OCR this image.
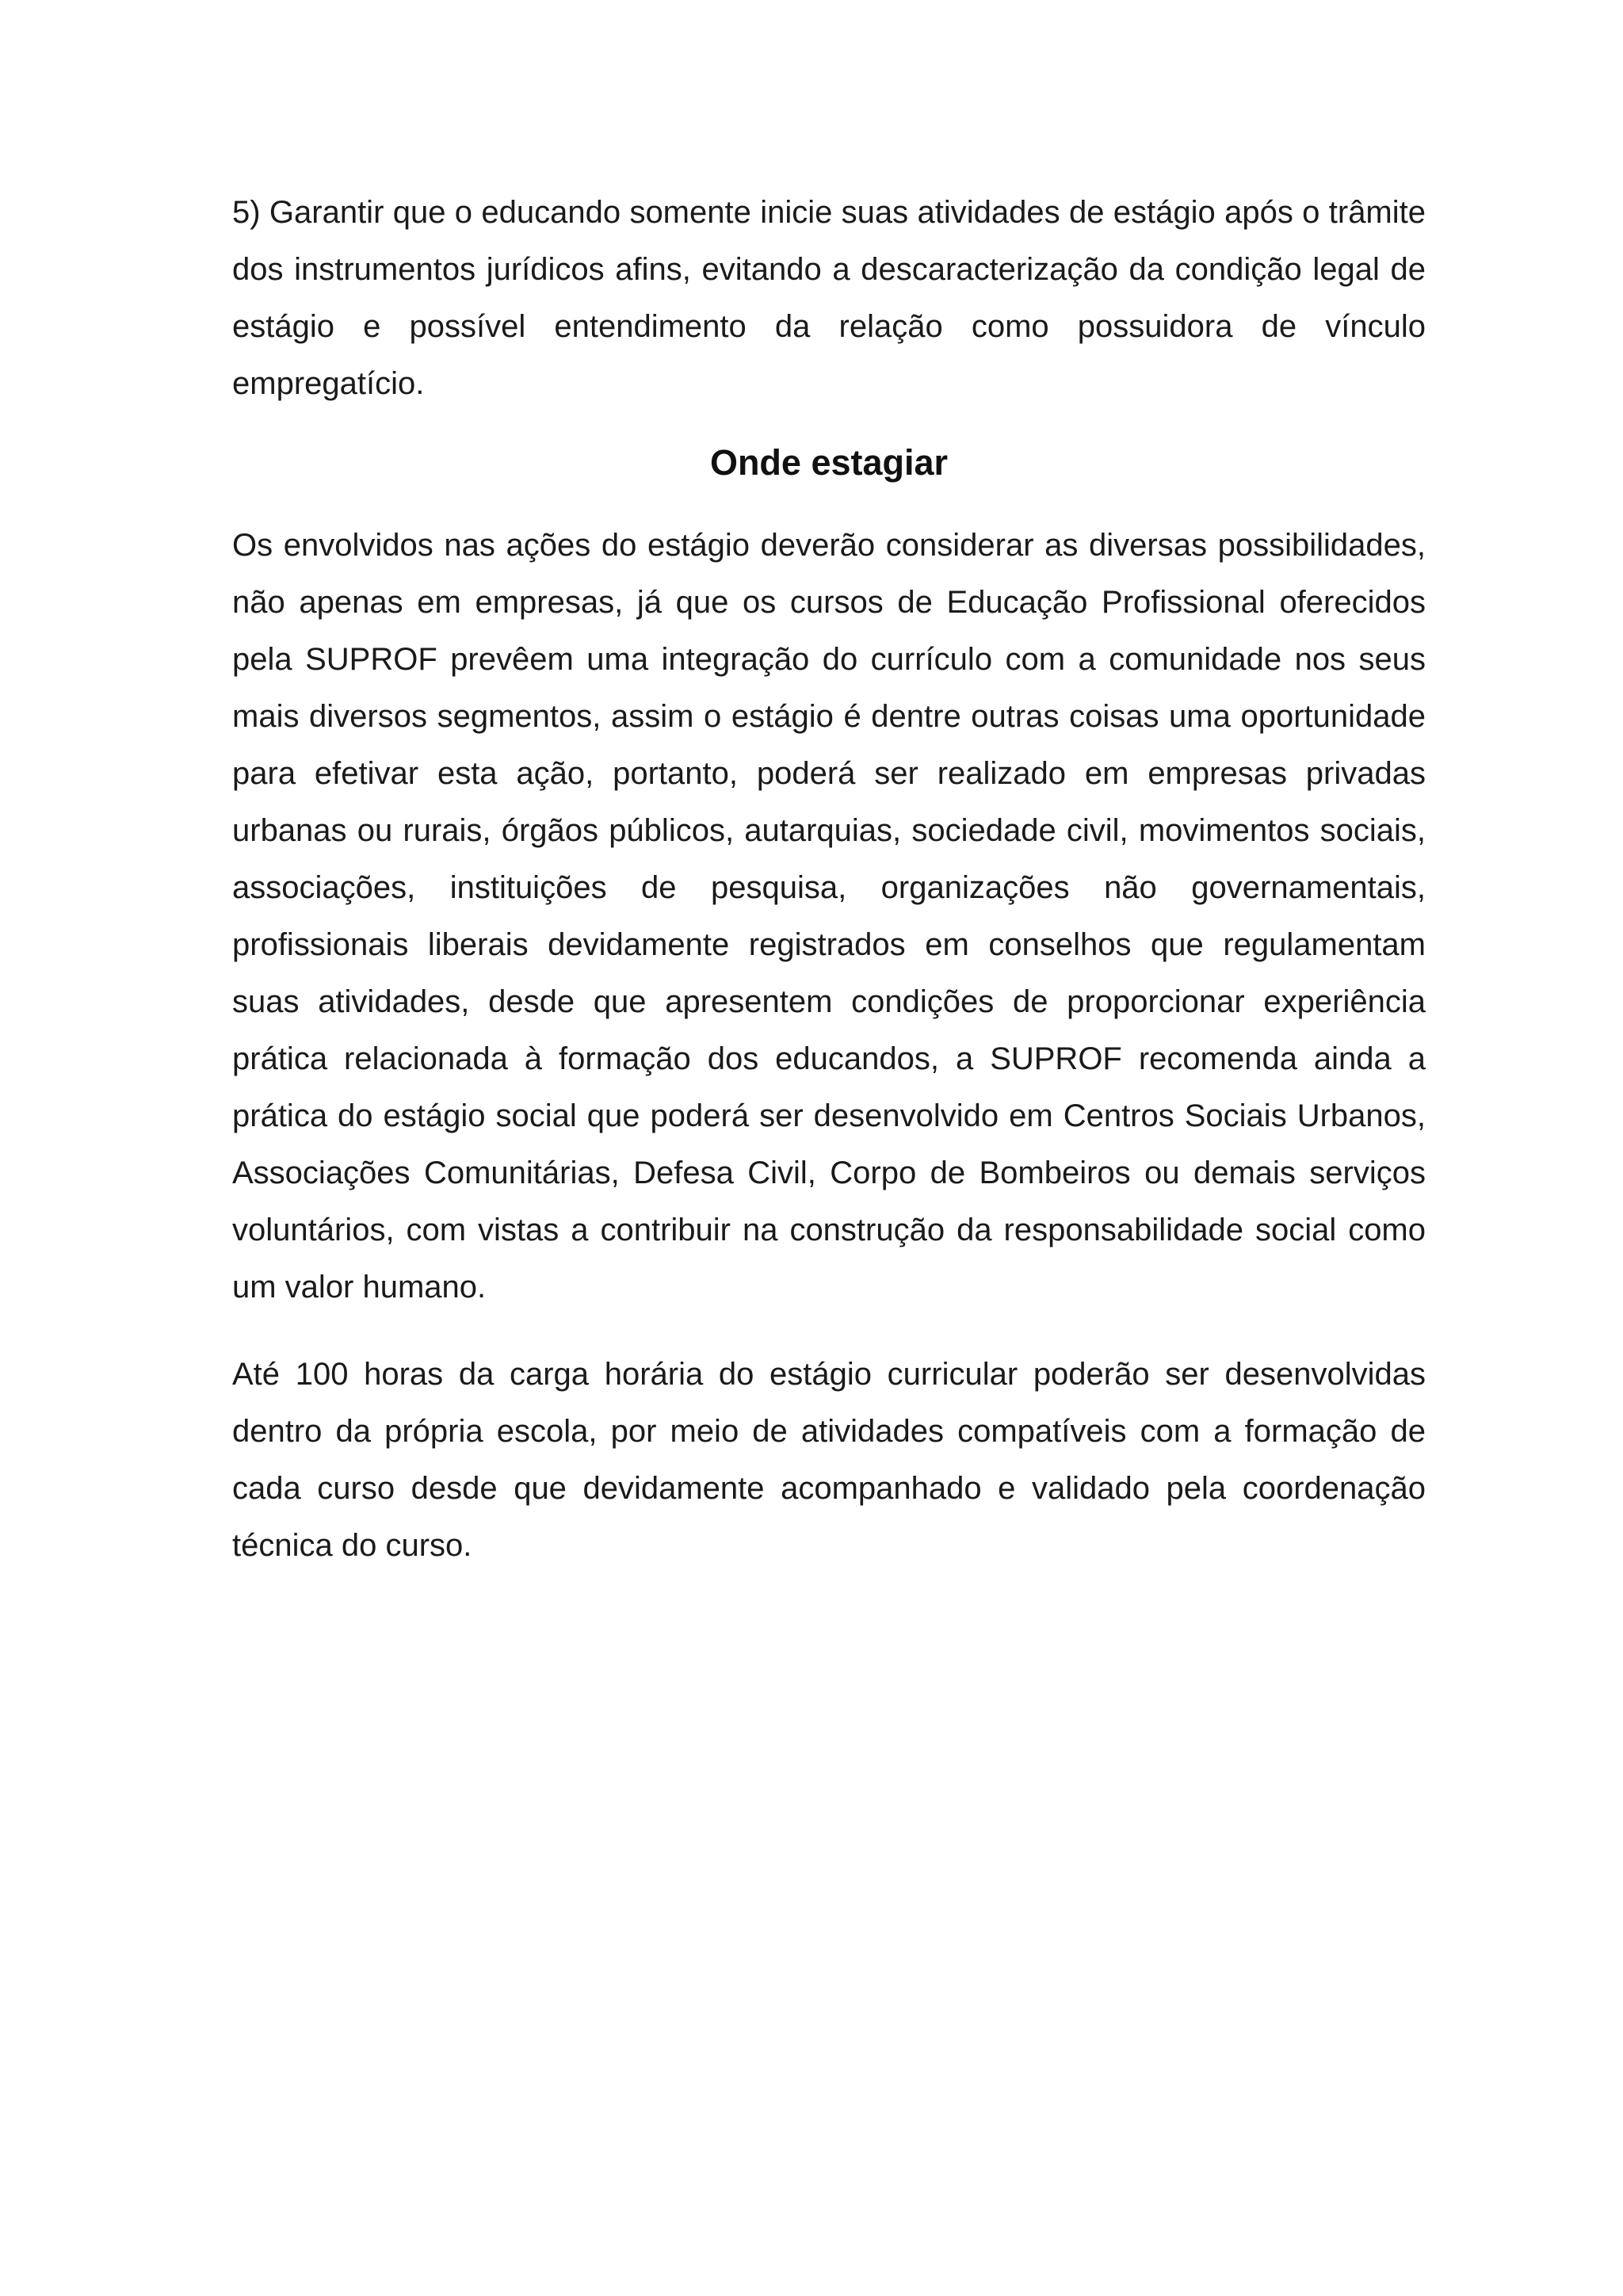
5) Garantir que o educando somente inicie suas atividades de estágio após o trâmite dos instrumentos jurídicos afins, evitando a descaracterização da condição legal de estágio e possível entendimento da relação como possuidora de vínculo empregatício.

Onde estagiar

Os envolvidos nas ações do estágio deverão considerar as diversas possibilidades, não apenas em empresas, já que os cursos de Educação Profissional oferecidos pela SUPROF prevêem uma integração do currículo com a comunidade nos seus mais diversos segmentos, assim o estágio é dentre outras coisas uma oportunidade para efetivar esta ação, portanto, poderá ser realizado em empresas privadas urbanas ou rurais, órgãos públicos, autarquias, sociedade civil, movimentos sociais, associações, instituições de pesquisa, organizações não governamentais, profissionais liberais devidamente registrados em conselhos que regulamentam suas atividades, desde que apresentem condições de proporcionar experiência prática relacionada à formação dos educandos, a SUPROF recomenda ainda a prática do estágio social que poderá ser desenvolvido em Centros Sociais Urbanos, Associações Comunitárias, Defesa Civil, Corpo de Bombeiros ou demais serviços voluntários, com vistas a contribuir na construção da responsabilidade social como um valor humano.

Até 100 horas da carga horária do estágio curricular poderão ser desenvolvidas dentro da própria escola, por meio de atividades compatíveis com a formação de cada curso desde que devidamente acompanhado e validado pela coordenação técnica do curso.
